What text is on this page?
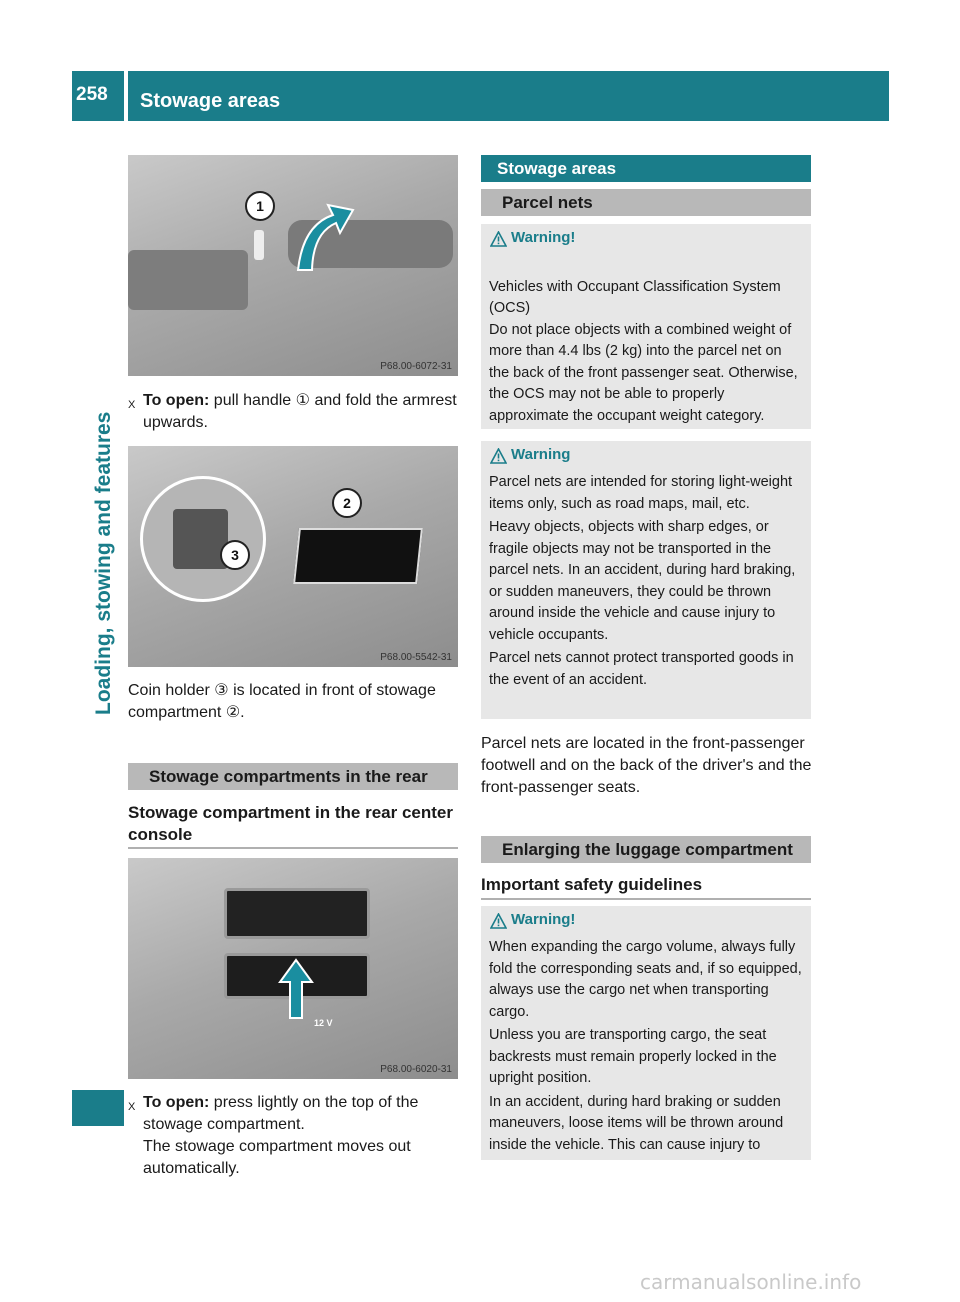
258 Stowage areas
Loading, stowing and features
1
P68.00-6072-31
X To open: pull handle ① and fold the armrest upwards.
2
3
P68.00-5542-31
Coin holder ③ is located in front of stowage compartment ②.
Stowage compartments in the rear
Stowage compartment in the rear center console
12 V
P68.00-6020-31
X To open: press lightly on the top of the stowage compartment.
The stowage compartment moves out automatically.
Stowage areas
Parcel nets
Warning!

Vehicles with Occupant Classification System (OCS)
Do not place objects with a combined weight of more than 4.4 lbs (2 kg) into the parcel net on the back of the front passenger seat. Otherwise, the OCS may not be able to properly approximate the occupant weight category.

Warning

Parcel nets are intended for storing light-weight items only, such as road maps, mail, etc.

Heavy objects, objects with sharp edges, or fragile objects may not be transported in the parcel nets. In an accident, during hard braking, or sudden maneuvers, they could be thrown around inside the vehicle and cause injury to vehicle occupants.

Parcel nets cannot protect transported goods in the event of an accident.

Parcel nets are located in the front-passenger footwell and on the back of the driver's and the front-passenger seats.
Enlarging the luggage compartment
Important safety guidelines
Warning!

When expanding the cargo volume, always fully fold the corresponding seats and, if so equipped, always use the cargo net when transporting cargo.

Unless you are transporting cargo, the seat backrests must remain properly locked in the upright position.

In an accident, during hard braking or sudden maneuvers, loose items will be thrown around inside the vehicle. This can cause injury to

carmanualsonline.info
